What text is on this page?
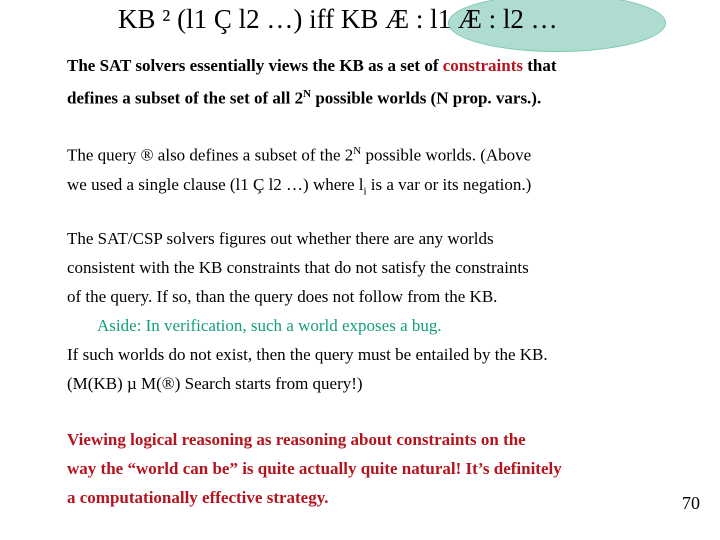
KB ² (l1 Ç l2 …) iff KB Æ : l1 Æ : l2 …
The SAT solvers essentially views the KB as a set of constraints that
defines a subset of the set of all $2^N$ possible worlds (N prop. vars.).
The query ® also defines a subset of the $2^N$ possible worlds. (Above
we used a single clause (l1 Ç l2 …) where $l_i$ is a var or its negation.)
The SAT/CSP solvers figures out whether there are any worlds
consistent with the KB constraints that do not satisfy the constraints
of the query. If so, than the query does not follow from the KB.
Aside: In verification, such a world exposes a bug.
If such worlds do not exist, then the query must be entailed by the KB.
(M(KB) µ M(®) Search starts from query!)
Viewing logical reasoning as reasoning about constraints on the
way the “world can be” is quite actually quite natural! It’s definitely
a computationally effective strategy.	70
